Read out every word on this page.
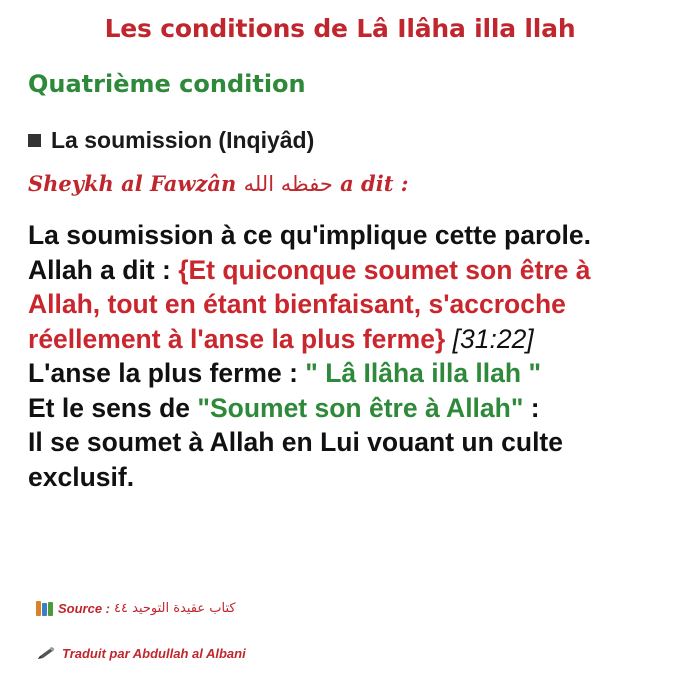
Les conditions de Lâ Ilâha illa llah
Quatrième condition
La soumission (Inqiyâd)
Sheykh al Fawzân حفظه الله a dit :
La soumission à ce qu'implique cette parole.
Allah a dit : {Et quiconque soumet son être à Allah, tout en étant bienfaisant, s'accroche réellement à l'anse la plus ferme} [31:22]
L'anse la plus ferme : " Lâ Ilâha illa llah "
Et le sens de "Soumet son être à Allah" :
Il se soumet à Allah en Lui vouant un culte exclusif.
Source : كتاب عقيدة التوحيد ٤٤
Traduit par Abdullah al Albani
